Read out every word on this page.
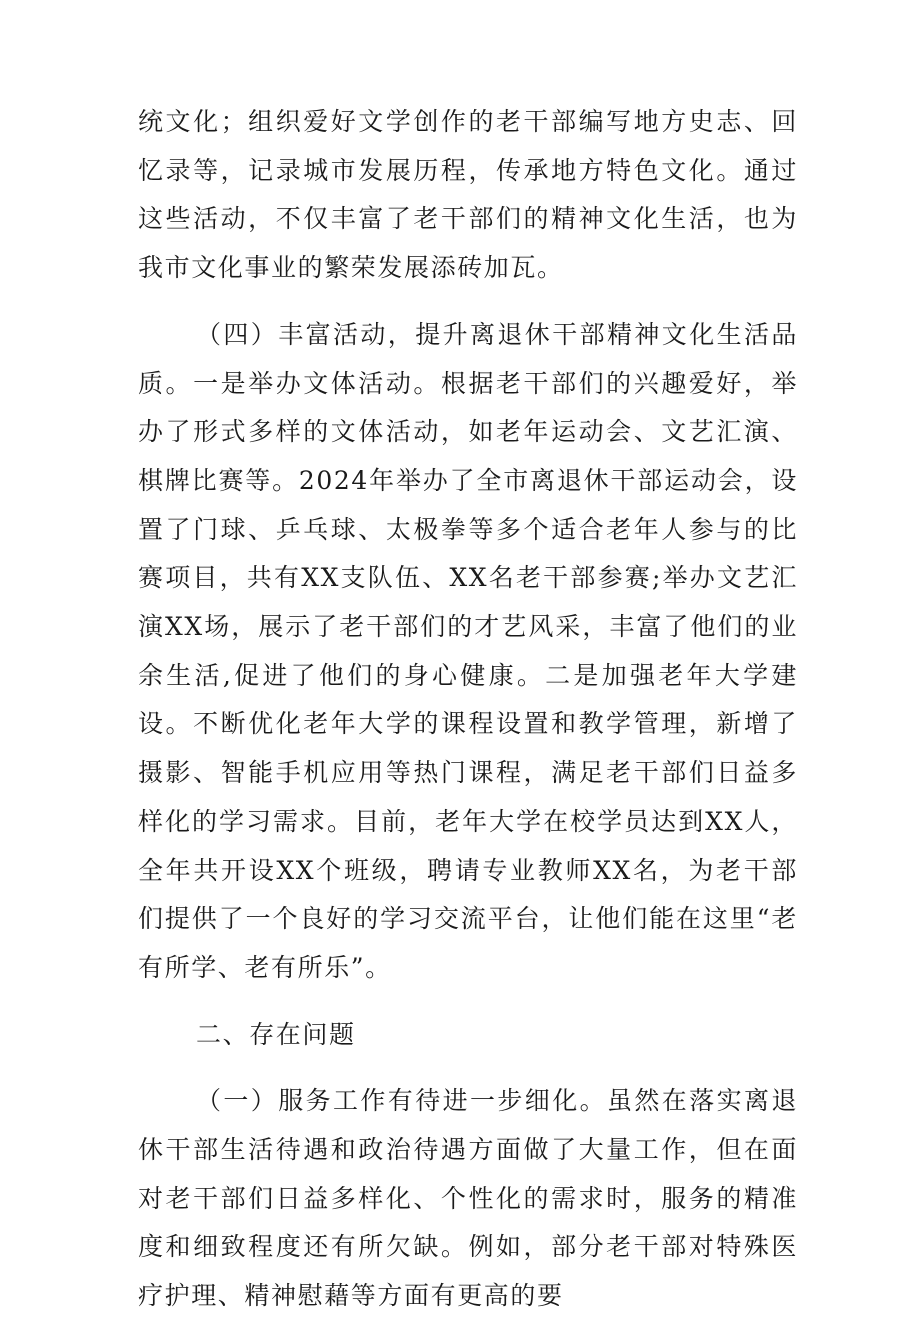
统文化；组织爱好文学创作的老干部编写地方史志、回忆录等，记录城市发展历程，传承地方特色文化。通过这些活动，不仅丰富了老干部们的精神文化生活，也为我市文化事业的繁荣发展添砖加瓦。

（四）丰富活动，提升离退休干部精神文化生活品质。一是举办文体活动。根据老干部们的兴趣爱好，举办了形式多样的文体活动，如老年运动会、文艺汇演、棋牌比赛等。2024年举办了全市离退休干部运动会，设置了门球、乒乓球、太极拳等多个适合老年人参与的比赛项目，共有XX支队伍、XX名老干部参赛;举办文艺汇演XX场，展示了老干部们的才艺风采，丰富了他们的业余生活,促进了他们的身心健康。二是加强老年大学建设。不断优化老年大学的课程设置和教学管理，新增了摄影、智能手机应用等热门课程，满足老干部们日益多样化的学习需求。目前，老年大学在校学员达到XX人，全年共开设XX个班级，聘请专业教师XX名，为老干部们提供了一个良好的学习交流平台，让他们能在这里“老有所学、老有所乐”。

二、存在问题

（一）服务工作有待进一步细化。虽然在落实离退休干部生活待遇和政治待遇方面做了大量工作，但在面对老干部们日益多样化、个性化的需求时，服务的精准度和细致程度还有所欠缺。例如，部分老干部对特殊医疗护理、精神慰藉等方面有更高的要
